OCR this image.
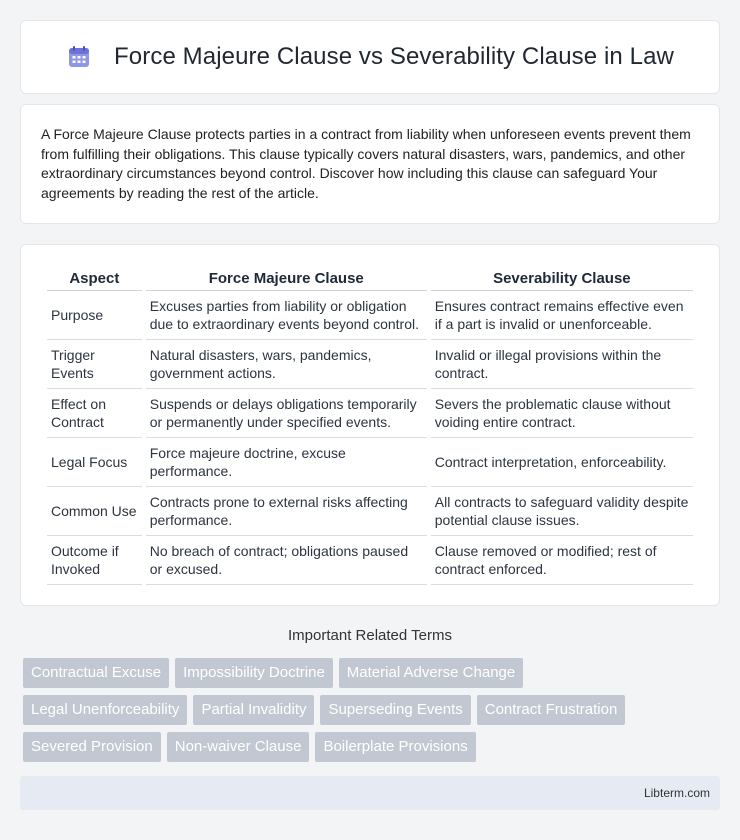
Force Majeure Clause vs Severability Clause in Law

A Force Majeure Clause protects parties in a contract from liability when unforeseen events prevent them from fulfilling their obligations. This clause typically covers natural disasters, wars, pandemics, and other extraordinary circumstances beyond control. Discover how including this clause can safeguard Your agreements by reading the rest of the article.

Aspect	Force Majeure Clause	Severability Clause
Purpose	Excuses parties from liability or obligation due to extraordinary events beyond control.	Ensures contract remains effective even if a part is invalid or unenforceable.
Trigger Events	Natural disasters, wars, pandemics, government actions.	Invalid or illegal provisions within the contract.
Effect on Contract	Suspends or delays obligations temporarily or permanently under specified events.	Severs the problematic clause without voiding entire contract.
Legal Focus	Force majeure doctrine, excuse performance.	Contract interpretation, enforceability.
Common Use	Contracts prone to external risks affecting performance.	All contracts to safeguard validity despite potential clause issues.
Outcome if Invoked	No breach of contract; obligations paused or excused.	Clause removed or modified; rest of contract enforced.
Important Related Terms
Contractual Excuse	Impossibility Doctrine	Material Adverse Change
Legal Unenforceability	Partial Invalidity	Superseding Events	Contract Frustration
Severed Provision	Non-waiver Clause	Boilerplate Provisions
Libterm.com
